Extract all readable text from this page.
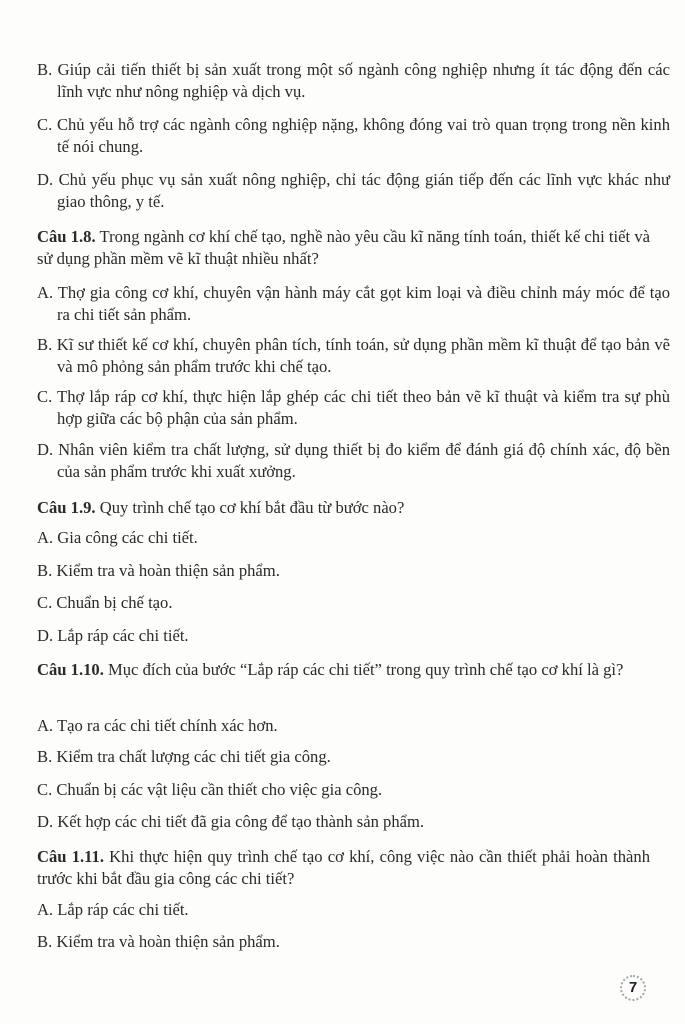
B. Giúp cải tiến thiết bị sản xuất trong một số ngành công nghiệp nhưng ít tác động đến các lĩnh vực như nông nghiệp và dịch vụ.
C. Chủ yếu hỗ trợ các ngành công nghiệp nặng, không đóng vai trò quan trọng trong nền kinh tế nói chung.
D. Chủ yếu phục vụ sản xuất nông nghiệp, chỉ tác động gián tiếp đến các lĩnh vực khác như giao thông, y tế.
Câu 1.8. Trong ngành cơ khí chế tạo, nghề nào yêu cầu kĩ năng tính toán, thiết kế chi tiết và sử dụng phần mềm vẽ kĩ thuật nhiều nhất?
A. Thợ gia công cơ khí, chuyên vận hành máy cắt gọt kim loại và điều chỉnh máy móc để tạo ra chi tiết sản phẩm.
B. Kĩ sư thiết kế cơ khí, chuyên phân tích, tính toán, sử dụng phần mềm kĩ thuật để tạo bản vẽ và mô phỏng sản phẩm trước khi chế tạo.
C. Thợ lắp ráp cơ khí, thực hiện lắp ghép các chi tiết theo bản vẽ kĩ thuật và kiểm tra sự phù hợp giữa các bộ phận của sản phẩm.
D. Nhân viên kiểm tra chất lượng, sử dụng thiết bị đo kiểm để đánh giá độ chính xác, độ bền của sản phẩm trước khi xuất xưởng.
Câu 1.9. Quy trình chế tạo cơ khí bắt đầu từ bước nào?
A. Gia công các chi tiết.
B. Kiểm tra và hoàn thiện sản phẩm.
C. Chuẩn bị chế tạo.
D. Lắp ráp các chi tiết.
Câu 1.10. Mục đích của bước “Lắp ráp các chi tiết” trong quy trình chế tạo cơ khí là gì?
A. Tạo ra các chi tiết chính xác hơn.
B. Kiểm tra chất lượng các chi tiết gia công.
C. Chuẩn bị các vật liệu cần thiết cho việc gia công.
D. Kết hợp các chi tiết đã gia công để tạo thành sản phẩm.
Câu 1.11. Khi thực hiện quy trình chế tạo cơ khí, công việc nào cần thiết phải hoàn thành trước khi bắt đầu gia công các chi tiết?
A. Lắp ráp các chi tiết.
B. Kiểm tra và hoàn thiện sản phẩm.
7
